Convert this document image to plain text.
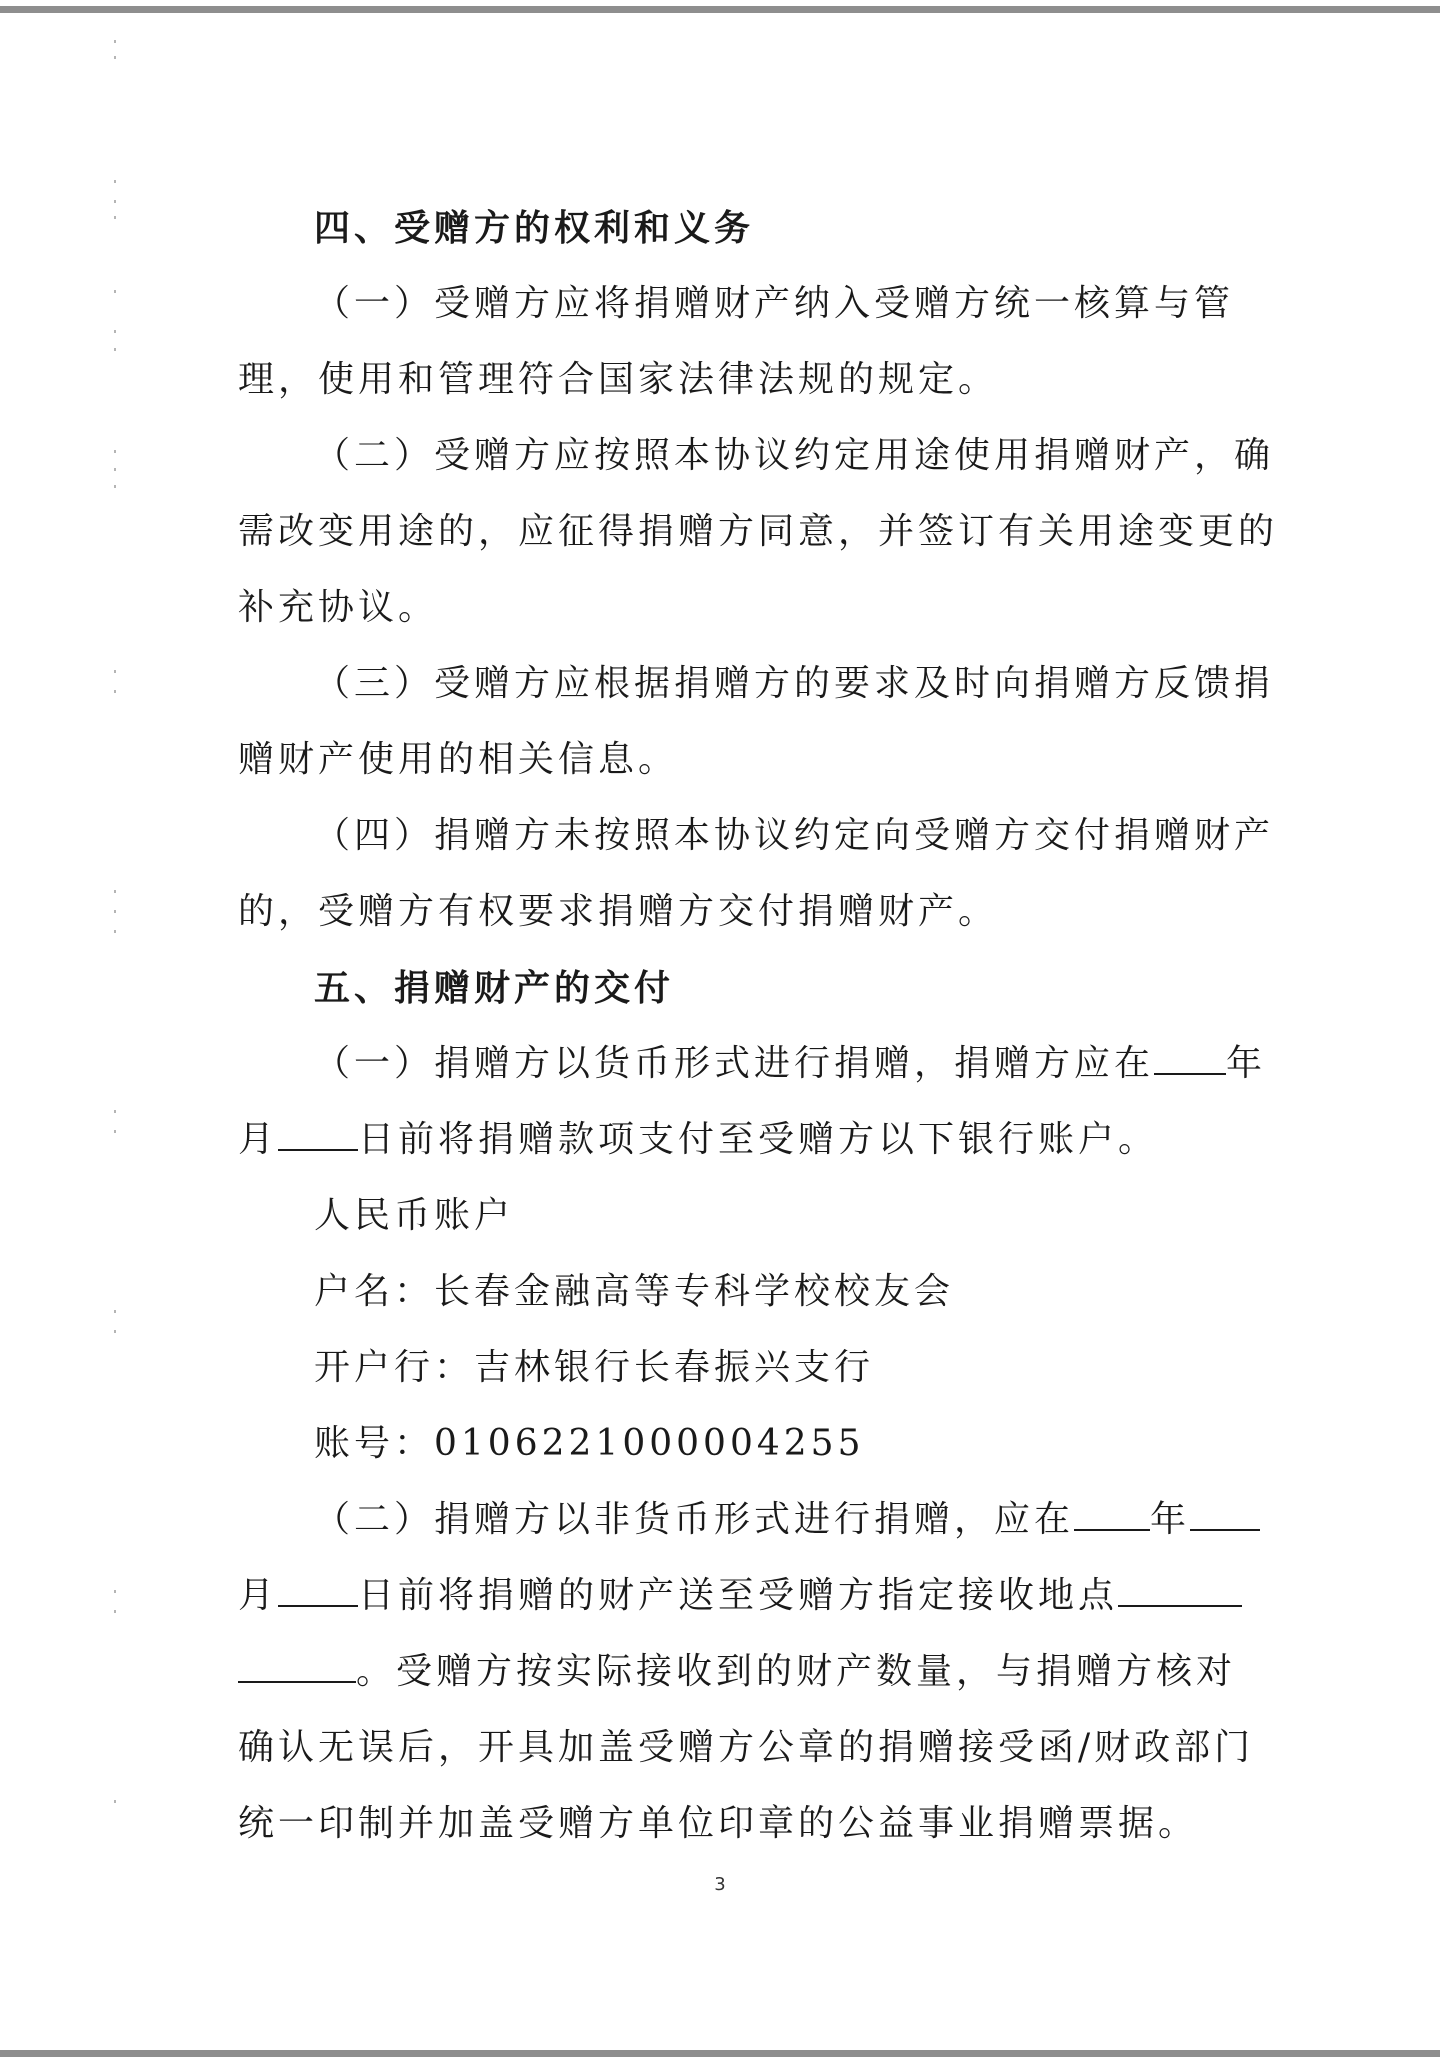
四、受赠方的权利和义务
（一）受赠方应将捐赠财产纳入受赠方统一核算与管
理，使用和管理符合国家法律法规的规定。
（二）受赠方应按照本协议约定用途使用捐赠财产，确
需改变用途的，应征得捐赠方同意，并签订有关用途变更的
补充协议。
（三）受赠方应根据捐赠方的要求及时向捐赠方反馈捐
赠财产使用的相关信息。
（四）捐赠方未按照本协议约定向受赠方交付捐赠财产
的，受赠方有权要求捐赠方交付捐赠财产。
五、捐赠财产的交付
（一）捐赠方以货币形式进行捐赠，捐赠方应在 年
月 日前将捐赠款项支付至受赠方以下银行账户。
人民币账户
户名：长春金融高等专科学校校友会
开户行：吉林银行长春振兴支行
账号：0106221000004255
（二）捐赠方以非货币形式进行捐赠，应在 年
月 日前将捐赠的财产送至受赠方指定接收地点
。受赠方按实际接收到的财产数量，与捐赠方核对
确认无误后，开具加盖受赠方公章的捐赠接受函/财政部门
统一印制并加盖受赠方单位印章的公益事业捐赠票据。
3
